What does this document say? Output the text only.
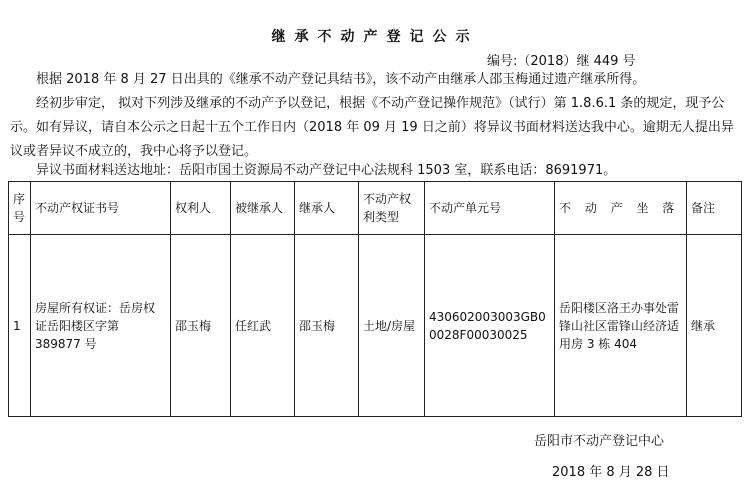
继承不动产登记公示
编号:（2018）继 449 号

根据 2018 年 8 月 27 日出具的《继承不动产登记具结书》，该不动产由继承人邵玉梅通过遗产继承所得。

经初步审定， 拟对下列涉及继承的不动产予以登记，根据《不动产登记操作规范》（试行）第 1.8.6.1 条的规定，现予公示。如有异议，请自本公示之日起十五个工作日内（2018 年 09 月 19 日之前）将异议书面材料送达我中心。逾期无人提出异议或者异议不成立的，我中心将予以登记。

异议书面材料送达地址：岳阳市国土资源局不动产登记中心法规科 1503 室，联系电话：8691971。

序号	不动产权证书号	权利人	被继承人	继承人	不动产权利类型	不动产单元号	不 动 产 坐 落	备注
1	房屋所有权证：岳房权证岳阳楼区字第 389877 号	邵玉梅	任红武	邵玉梅	土地/房屋	430602003003GB00028F00030025	岳阳楼区洛王办事处雷锋山社区雷锋山经济适用房 3 栋 404	继承
岳阳市不动产登记中心
2018 年 8 月 28 日
